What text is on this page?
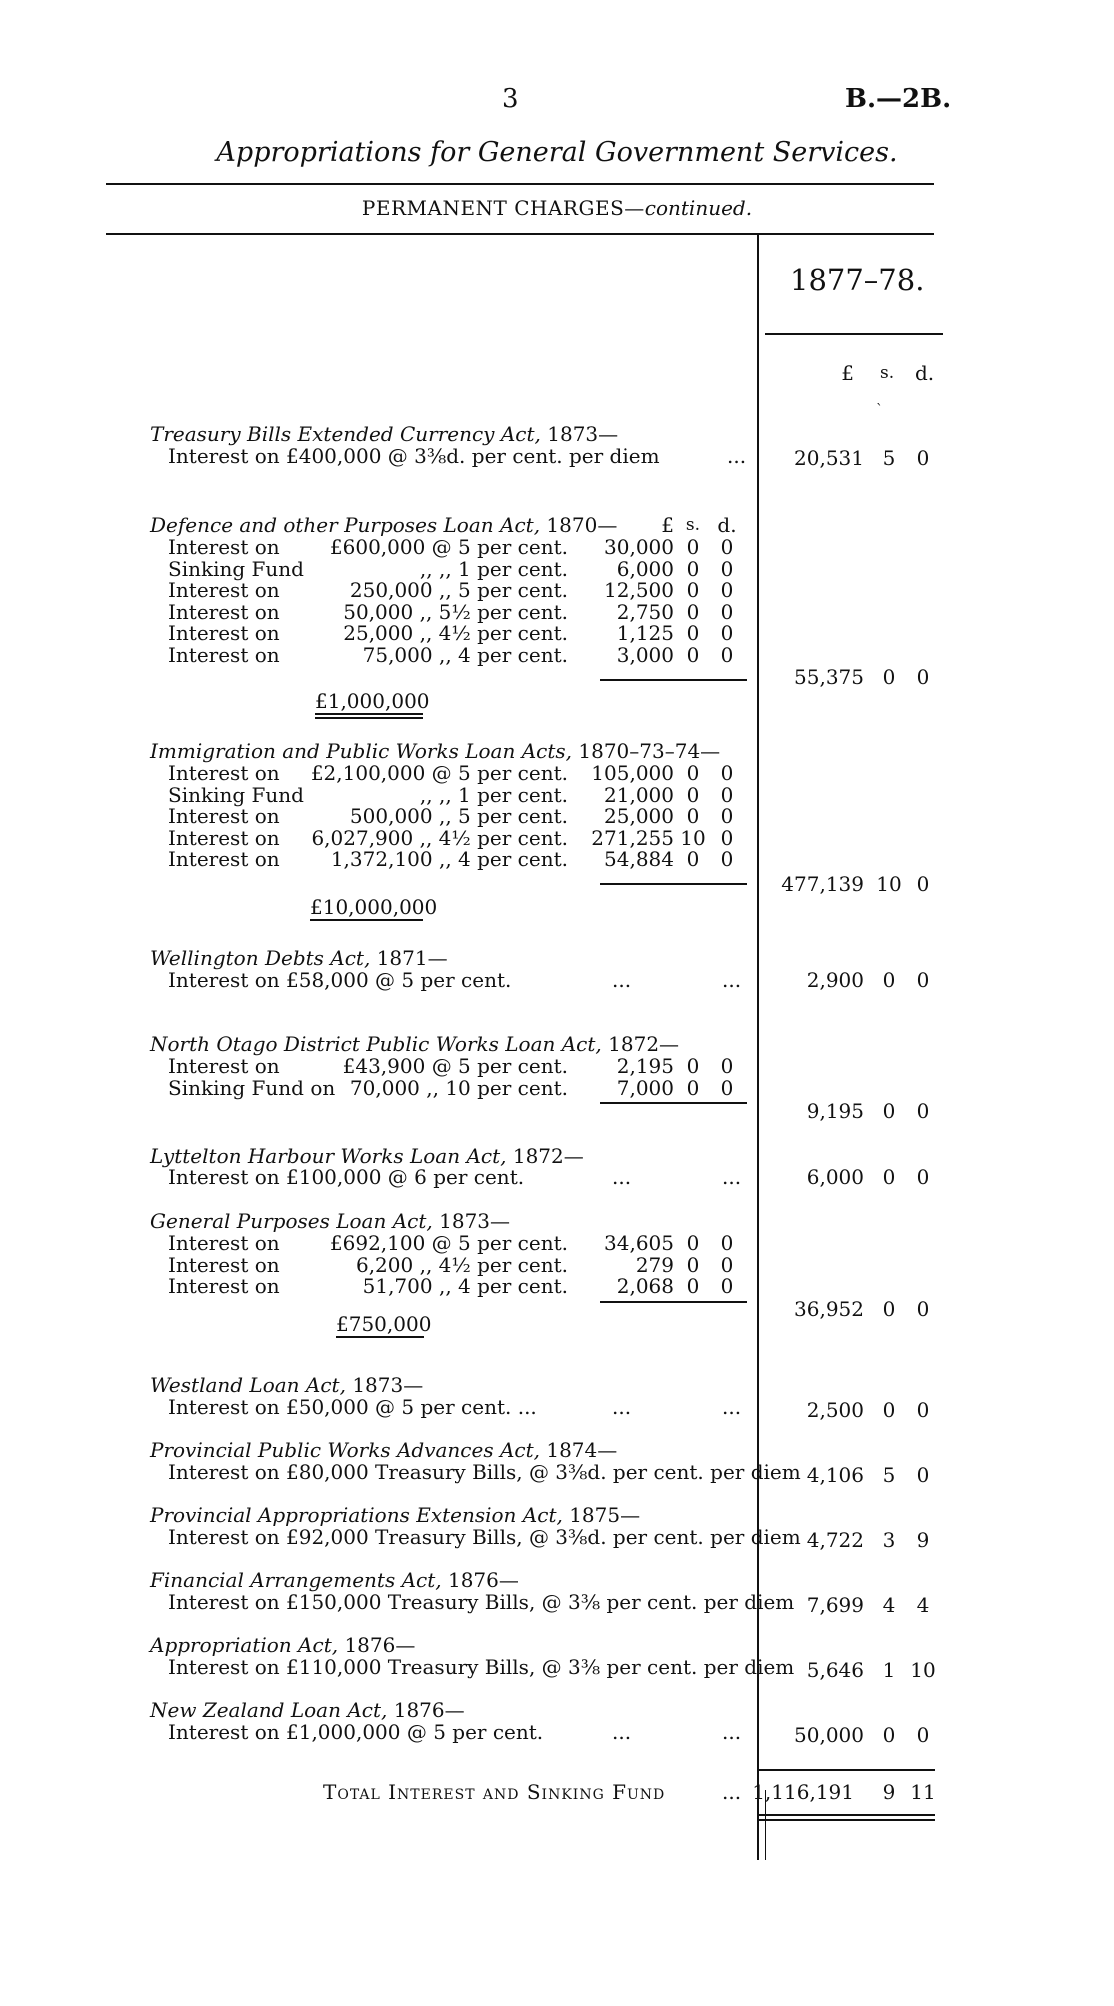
3	B.—2B.
Appropriations for General Government Services.
PERMANENT CHARGES—continued.
1877–78.
£ s. d.
`
Treasury Bills Extended Currency Act, 1873—
Interest on £400,000 @ 3⅜d. per cent. per diem	...	20,531 5	0
Defence and other Purposes Loan Act, 1870—	£ s. d.
Interest on	£600,000 @ 5 per cent.	30,000 0	0
Sinking Fund	,, ,, 1 per cent.	6,000 0	0
Interest on	250,000 ,, 5 per cent.	12,500 0	0
Interest on	50,000 ,, 5½ per cent.	2,750 0	0
Interest on	25,000 ,, 4½ per cent.	1,125 0	0
Interest on	75,000 ,, 4 per cent.	3,000 0	0
£1,000,000
55,375 0	0
Immigration and Public Works Loan Acts, 1870–73–74—
Interest on	£2,100,000 @ 5 per cent.	105,000 0	0
Sinking Fund	,, ,, 1 per cent.	21,000 0	0
Interest on	500,000 ,, 5 per cent.	25,000 0	0
Interest on	6,027,900 ,, 4½ per cent.	271,255 10 0
Interest on	1,372,100 ,, 4 per cent.	54,884 0	0
£10,000,000
477,139 10 0
Wellington Debts Act, 1871—
Interest on £58,000 @ 5 per cent.	...	...	2,900 0	0
North Otago District Public Works Loan Act, 1872—
Interest on	£43,900 @ 5 per cent.	2,195 0	0
Sinking Fund on 70,000 ,, 10 per cent.	7,000 0	0
9,195 0	0
Lyttelton Harbour Works Loan Act, 1872—
Interest on £100,000 @ 6 per cent.	...	...	6,000 0	0
General Purposes Loan Act, 1873—
Interest on	£692,100 @ 5 per cent.	34,605 0	0
Interest on	6,200 ,, 4½ per cent.	279 0	0
Interest on	51,700 ,, 4 per cent.	2,068 0	0
£750,000
36,952 0	0
Westland Loan Act, 1873—
Interest on £50,000 @ 5 per cent. ...	...	...	2,500 0	0
Provincial Public Works Advances Act, 1874—
Interest on £80,000 Treasury Bills, @ 3⅜d. per cent. per diem 4,106 5	0
Provincial Appropriations Extension Act, 1875—
Interest on £92,000 Treasury Bills, @ 3⅜d. per cent. per diem 4,722 3	9
Financial Arrangements Act, 1876—
Interest on £150,000 Treasury Bills, @ 3⅜ per cent. per diem 7,699 4	4
Appropriation Act, 1876—
Interest on £110,000 Treasury Bills, @ 3⅜ per cent. per diem 5,646 1 10
New Zealand Loan Act, 1876—
Interest on £1,000,000 @ 5 per cent.	...	...	50,000 0	0
Total Interest and Sinking Fund	... 1,116,191	9 11
